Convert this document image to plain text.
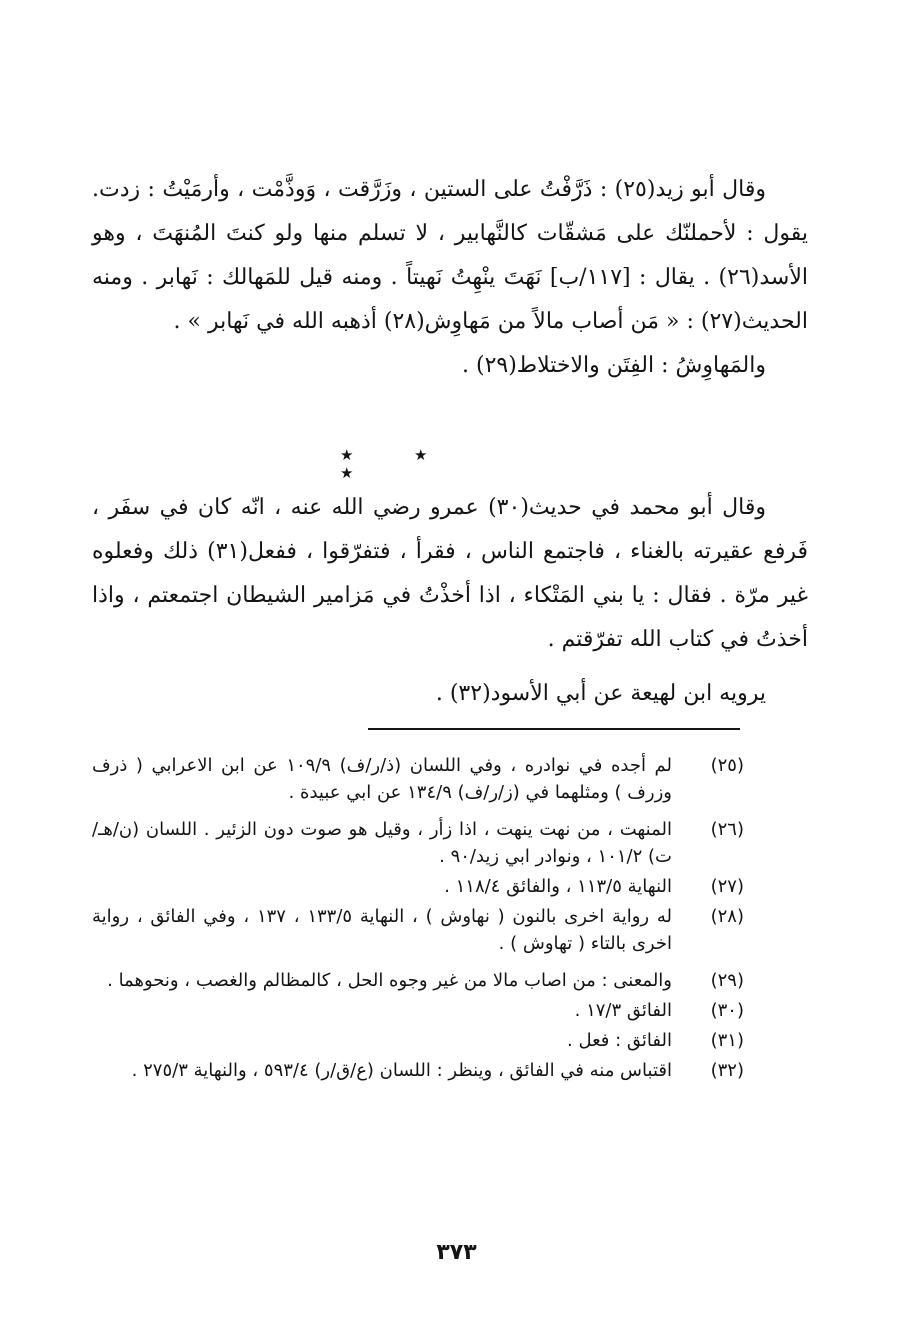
وقال أبو زيد(٢٥) : ذَرَّفْتُ على الستين ، وزَرَّقت ، وَوذَّمْت ، وأرمَيْتُ : زدت. يقول : لأحملنّك على مَشقّات كالنَّهابير ، لا تسلم منها ولو كنتَ المُنهَتَ ، وهو الأسد(٢٦) . يقال : [١١٧/ب] نَهَتَ ينْهِتُ نَهيتاً . ومنه قيل للمَهالك : نَهابر . ومنه الحديث(٢٧) : « مَن أصاب مالاً من مَهاوِش(٢٨) أذهبه الله في نَهابر » .

والمَهاوِشُ : الفِتَن والاختلاط(٢٩) .

★	★★

وقال أبو محمد في حديث(٣٠) عمرو رضي الله عنه ، انّه كان في سفَر ، فَرفع عقيرته بالغناء ، فاجتمع الناس ، فقرأ ، فتفرّقوا ، ففعل(٣١) ذلك وفعلوه غير مرّة . فقال : يا بني المَتْكاء ، اذا أخذْتُ في مَزامير الشيطان اجتمعتم ، واذا أخذتُ في كتاب الله تفرّقتم .

يرويه ابن لهيعة عن أبي الأسود(٣٢) .

(٢٥)
لم أجده في نوادره ، وفي اللسان (ذ/ر/ف) ١٠٩/٩ عن ابن الاعرابي ( ذرف وزرف ) ومثلهما في (ز/ر/ف) ١٣٤/٩ عن ابي عبيدة .
(٢٦)
المنهت ، من نهت ينهت ، اذا زأر ، وقيل هو صوت دون الزئير . اللسان (ن/هـ/ت) ١٠١/٢ ، ونوادر ابي زيد/٩٠ .
(٢٧)
النهاية ١١٣/٥ ، والفائق ١١٨/٤ .
(٢٨)
له رواية اخرى بالنون ( نهاوش ) ، النهاية ١٣٣/٥ ، ١٣٧ ، وفي الفائق ، رواية اخرى بالتاء ( تهاوش ) .
(٢٩)
والمعنى : من اصاب مالا من غير وجوه الحل ، كالمظالم والغصب ، ونحوهما .
(٣٠)
الفائق ١٧/٣ .
(٣١)
الفائق : فعل .
(٣٢)
اقتباس منه في الفائق ، وينظر : اللسان (ع/ق/ر) ٥٩٣/٤ ، والنهاية ٢٧٥/٣ .
٣٧٣
